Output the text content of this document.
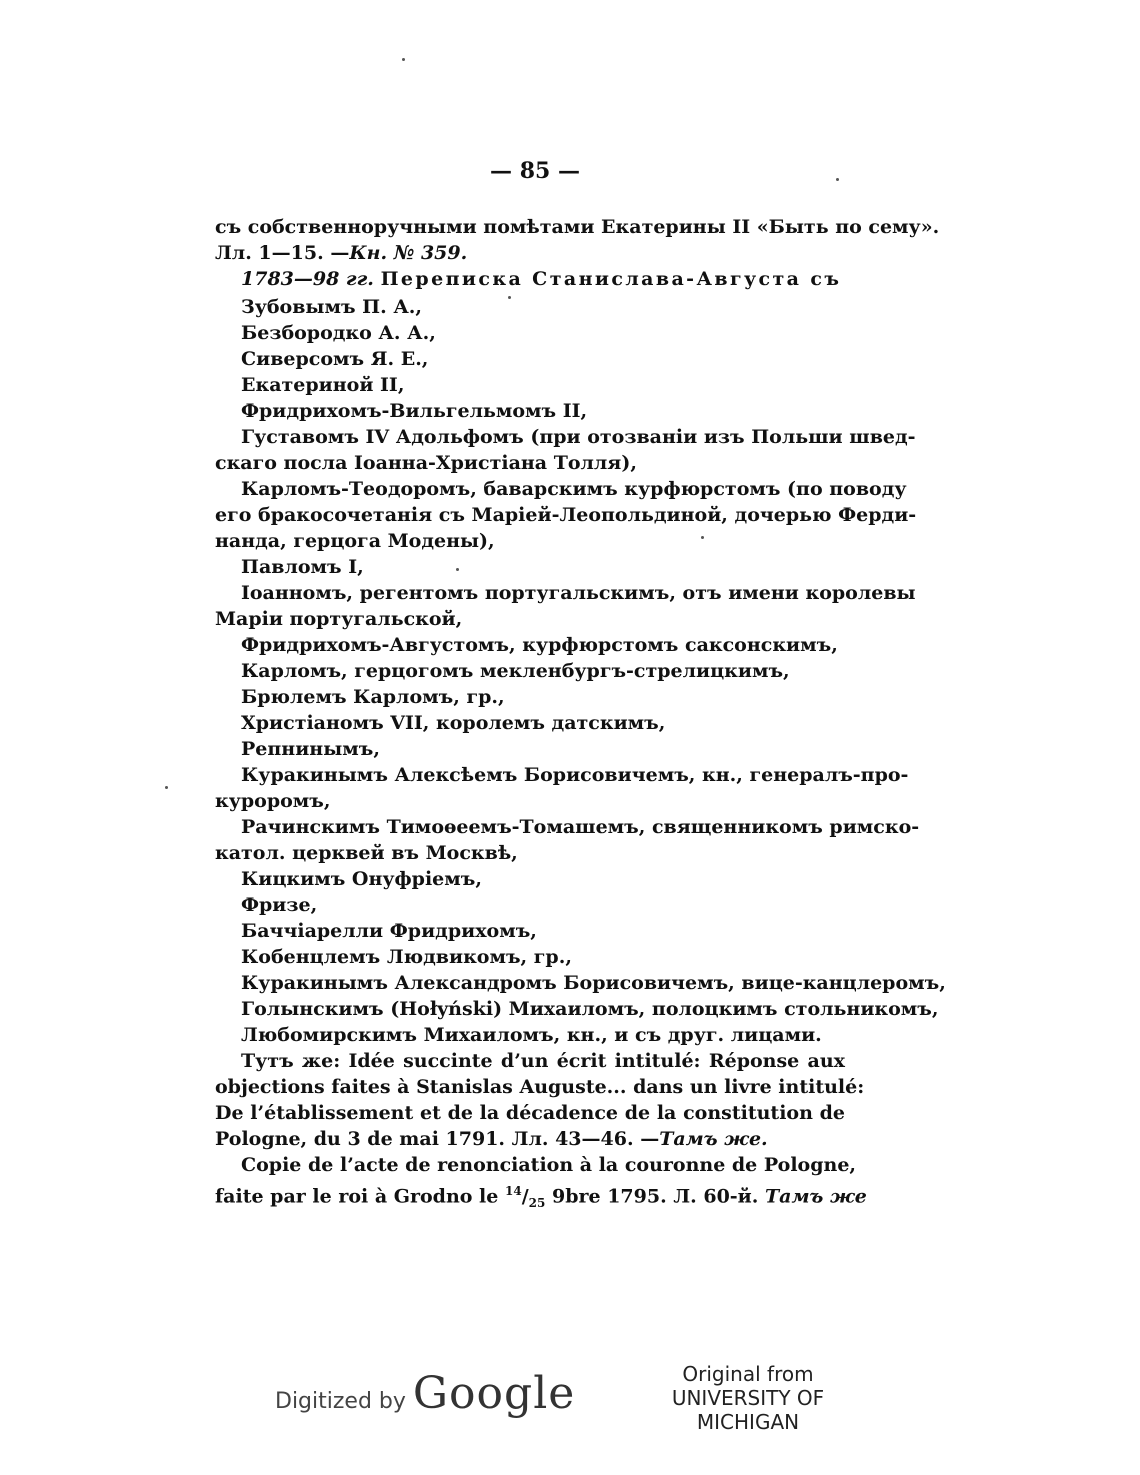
— 85 —
съ собственноручными помѣтами Екатерины II «Быть по сему».
Лл. 1—15. —Кн. № 359.
1783—98 гг. Переписка Станислава-Августа съ
Зубовымъ П. А.,
Безбородко А. А.,
Сиверсомъ Я. Е.,
Екатериной II,
Фридрихомъ-Вильгельмомъ II,
Густавомъ IV Адольфомъ (при отозваніи изъ Польши швед-
скаго посла Іоанна-Христіана Толля),
Карломъ-Теодоромъ, баварскимъ курфюрстомъ (по поводу
его бракосочетанія съ Маріей-Леопольдиной, дочерью Ферди-
нанда, герцога Модены),
Павломъ I,
Іоанномъ, регентомъ португальскимъ, отъ имени королевы
Маріи португальской,
Фридрихомъ-Августомъ, курфюрстомъ саксонскимъ,
Карломъ, герцогомъ мекленбургъ-стрелицкимъ,
Брюлемъ Карломъ, гр.,
Христіаномъ VII, королемъ датскимъ,
Репнинымъ,
Куракинымъ Алексѣемъ Борисовичемъ, кн., генералъ-про-
куроромъ,
Рачинскимъ Тимоѳеемъ-Томашемъ, священникомъ римско-
катол. церквей въ Москвѣ,
Кицкимъ Онуфріемъ,
Фризе,
Баччіарелли Фридрихомъ,
Кобенцлемъ Людвикомъ, гр.,
Куракинымъ Александромъ Борисовичемъ, вице-канцлеромъ,
Голынскимъ (Hołyński) Михаиломъ, полоцкимъ стольникомъ,
Любомирскимъ Михаиломъ, кн., и съ друг. лицами.
Тутъ же: Idée succinte d’un écrit intitulé: Réponse aux
objections faites à Stanislas Auguste... dans un livre intitulé:
De l’établissement et de la décadence de la constitution de
Pologne, du 3 de mai 1791. Лл. 43—46. —Тамъ же.
Copie de l’acte de renonciation à la couronne de Pologne,
faite par le roi à Grodno le $^{14}/_{25}$ 9bre 1795. Л. 60-й. Тамъ же
Digitized by Google	Original from
UNIVERSITY OF MICHIGAN
